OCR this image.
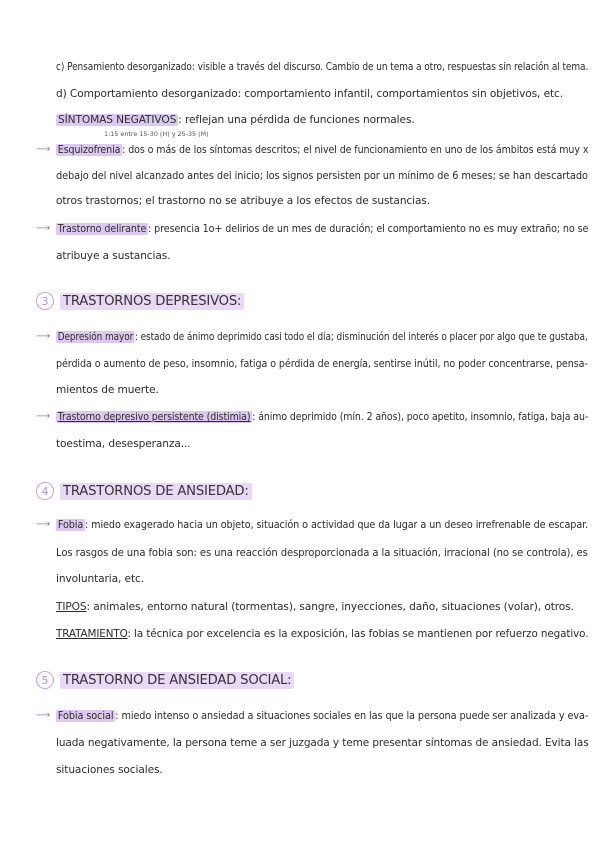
c) Pensamiento desorganizado: visible a través del discurso. Cambio de un tema a otro, respuestas sin relación al tema.
d) Comportamiento desorganizado: comportamiento infantil, comportamientos sin objetivos, etc.
SÍNTOMAS NEGATIVOS : reflejan una pérdida de funciones normales.
1:15 entre 15-30 (H) y 25-35 (M)
⟶ Esquizofrenia : dos o más de los síntomas descritos; el nivel de funcionamiento en uno de los ámbitos está muy x
debajo del nivel alcanzado antes del inicio; los signos persisten por un mínimo de 6 meses; se han descartado
otros trastornos; el trastorno no se atribuye a los efectos de sustancias.
⟶ Trastorno delirante : presencia 1o+ delirios de un mes de duración; el comportamiento no es muy extraño; no se
atribuye a sustancias.
3	TRASTORNOS DEPRESIVOS:
⟶ Depresión mayor : estado de ánimo deprimido casi todo el día; disminución del interés o placer por algo que te gustaba,
pérdida o aumento de peso, insomnio, fatiga o pérdida de energía, sentirse inútil, no poder concentrarse, pensa-
mientos de muerte.
⟶ Trastorno depresivo persistente (distimia) : ánimo deprimido (mín. 2 años), poco apetito, insomnio, fatiga, baja au-
toestima, desesperanza...
4	TRASTORNOS DE ANSIEDAD:
⟶ Fobia : miedo exagerado hacia un objeto, situación o actividad que da lugar a un deseo irrefrenable de escapar.
Los rasgos de una fobia son: es una reacción desproporcionada a la situación, irracional (no se controla), es
involuntaria, etc.
TIPOS: animales, entorno natural (tormentas), sangre, inyecciones, daño, situaciones (volar), otros.
TRATAMIENTO: la técnica por excelencia es la exposición, las fobias se mantienen por refuerzo negativo.
5	TRASTORNO DE ANSIEDAD SOCIAL:
⟶ Fobia social : miedo intenso o ansiedad a situaciones sociales en las que la persona puede ser analizada y eva-
luada negativamente, la persona teme a ser juzgada y teme presentar síntomas de ansiedad. Evita las
situaciones sociales.
